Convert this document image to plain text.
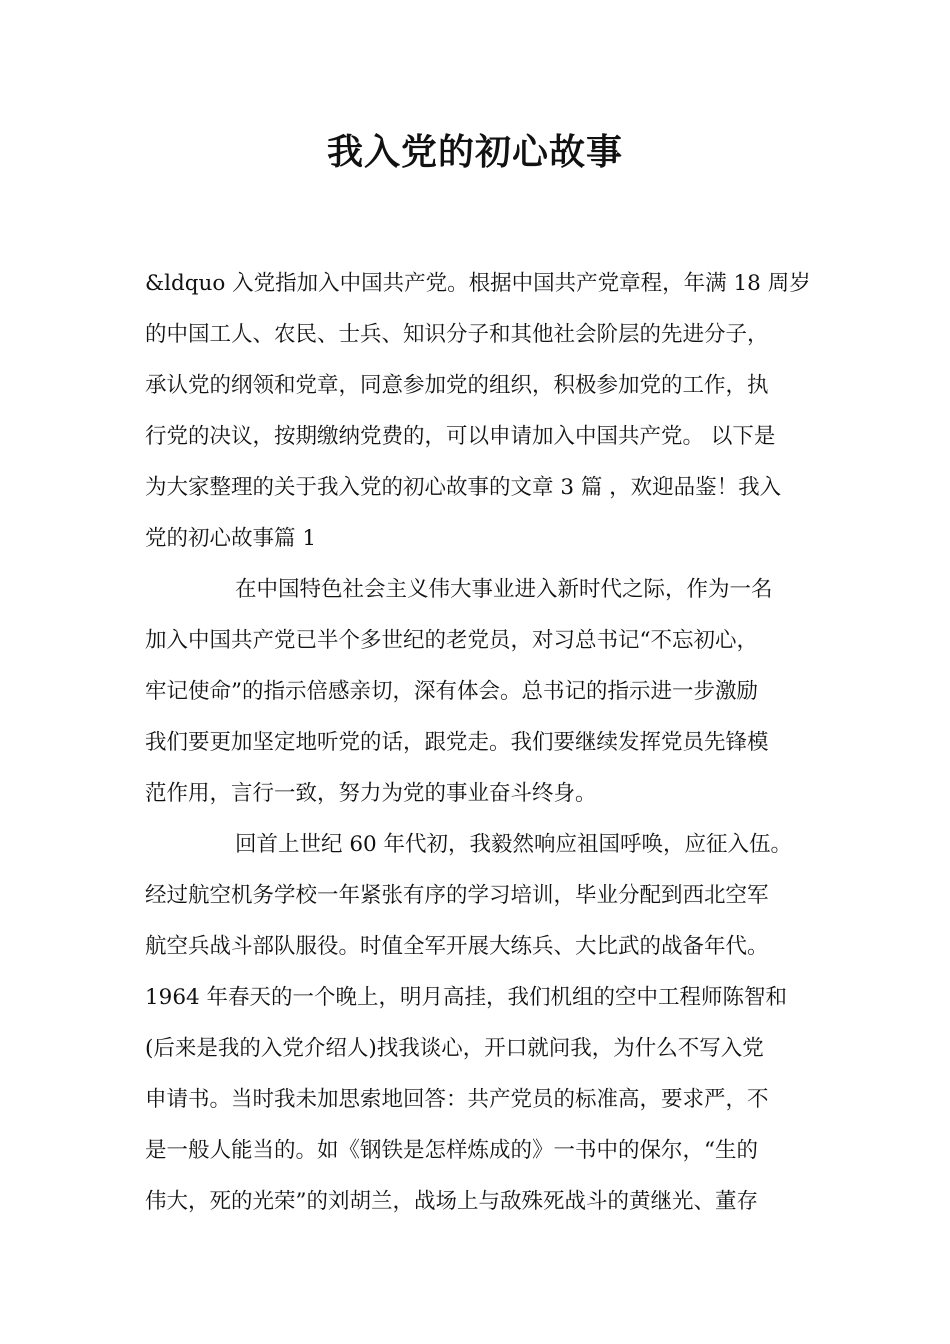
我入党的初心故事
&ldquo 入党指加入中国共产党。根据中国共产党章程，年满 18 周岁
的中国工人、农民、士兵、知识分子和其他社会阶层的先进分子，
承认党的纲领和党章，同意参加党的组织，积极参加党的工作，执
行党的决议，按期缴纳党费的，可以申请加入中国共产党。 以下是
为大家整理的关于我入党的初心故事的文章 3 篇 ，欢迎品鉴！我入
党的初心故事篇 1
在中国特色社会主义伟大事业进入新时代之际，作为一名
加入中国共产党已半个多世纪的老党员，对习总书记“不忘初心，
牢记使命”的指示倍感亲切，深有体会。总书记的指示进一步激励
我们要更加坚定地听党的话，跟党走。我们要继续发挥党员先锋模
范作用，言行一致，努力为党的事业奋斗终身。
回首上世纪 60 年代初，我毅然响应祖国呼唤，应征入伍。
经过航空机务学校一年紧张有序的学习培训，毕业分配到西北空军
航空兵战斗部队服役。时值全军开展大练兵、大比武的战备年代。
1964 年春天的一个晚上，明月高挂，我们机组的空中工程师陈智和
(后来是我的入党介绍人)找我谈心，开口就问我，为什么不写入党
申请书。当时我未加思索地回答：共产党员的标准高，要求严，不
是一般人能当的。如《钢铁是怎样炼成的》一书中的保尔，“生的
伟大，死的光荣”的刘胡兰，战场上与敌殊死战斗的黄继光、董存
